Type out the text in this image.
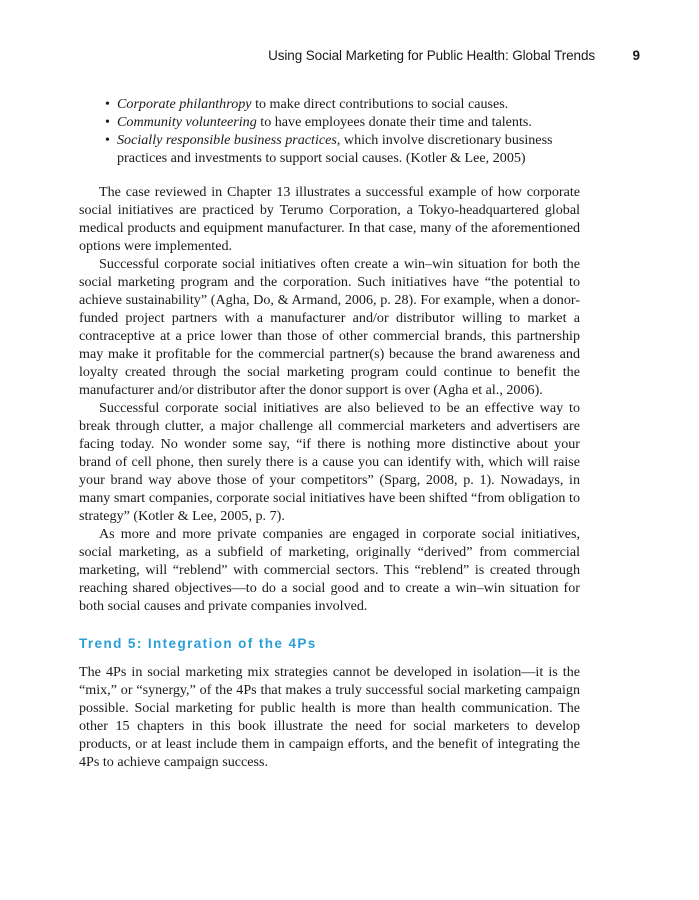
Using Social Marketing for Public Health: Global Trends	9
• Corporate philanthropy to make direct contributions to social causes.
• Community volunteering to have employees donate their time and talents.
• Socially responsible business practices, which involve discretionary business practices and investments to support social causes. (Kotler & Lee, 2005)

The case reviewed in Chapter 13 illustrates a successful example of how corporate social initiatives are practiced by Terumo Corporation, a Tokyo-headquartered global medical products and equipment manufacturer. In that case, many of the aforementioned options were implemented.

Successful corporate social initiatives often create a win–win situation for both the social marketing program and the corporation. Such initiatives have “the potential to achieve sustainability” (Agha, Do, & Armand, 2006, p. 28). For example, when a donor-funded project partners with a manufacturer and/or distributor willing to market a contraceptive at a price lower than those of other commercial brands, this partnership may make it profitable for the commercial partner(s) because the brand awareness and loyalty created through the social marketing program could continue to benefit the manufacturer and/or distributor after the donor support is over (Agha et al., 2006).

Successful corporate social initiatives are also believed to be an effective way to break through clutter, a major challenge all commercial marketers and advertisers are facing today. No wonder some say, “if there is nothing more distinctive about your brand of cell phone, then surely there is a cause you can identify with, which will raise your brand way above those of your competitors” (Sparg, 2008, p. 1). Nowadays, in many smart companies, corporate social initiatives have been shifted “from obligation to strategy” (Kotler & Lee, 2005, p. 7).

As more and more private companies are engaged in corporate social initiatives, social marketing, as a subfield of marketing, originally “derived” from commercial marketing, will “reblend” with commercial sectors. This “reblend” is created through reaching shared objectives—to do a social good and to create a win–win situation for both social causes and private companies involved.

Trend 5: Integration of the 4Ps

The 4Ps in social marketing mix strategies cannot be developed in isolation—it is the “mix,” or “synergy,” of the 4Ps that makes a truly successful social marketing campaign possible. Social marketing for public health is more than health communication. The other 15 chapters in this book illustrate the need for social marketers to develop products, or at least include them in campaign efforts, and the benefit of integrating the 4Ps to achieve campaign success.
